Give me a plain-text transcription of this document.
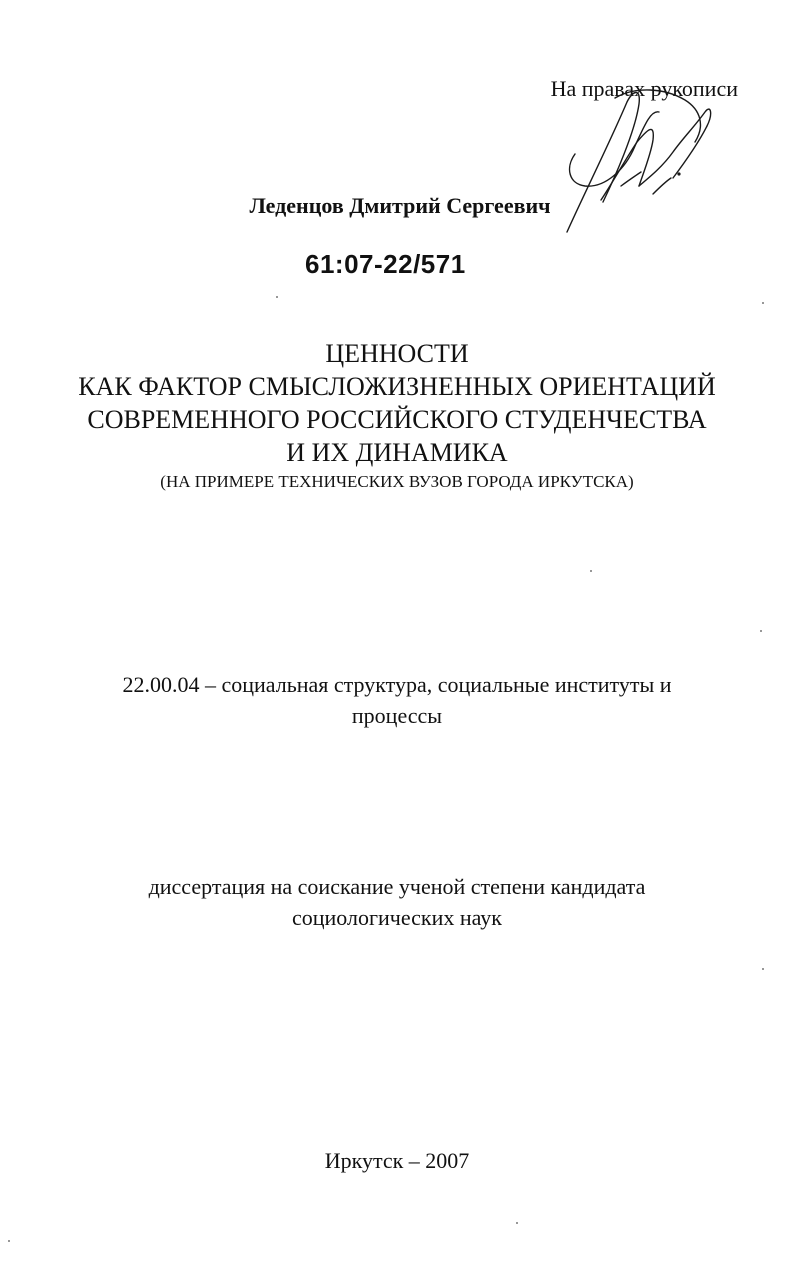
На правах рукописи
Леденцов Дмитрий Сергеевич
61:07-22/571
ЦЕННОСТИ
КАК ФАКТОР СМЫСЛОЖИЗНЕННЫХ ОРИЕНТАЦИЙ
СОВРЕМЕННОГО РОССИЙСКОГО СТУДЕНЧЕСТВА
И ИХ ДИНАМИКА
(НА ПРИМЕРЕ ТЕХНИЧЕСКИХ ВУЗОВ ГОРОДА ИРКУТСКА)
22.00.04 – социальная структура, социальные институты и
процессы
диссертация на соискание ученой степени кандидата
социологических наук
Иркутск – 2007
